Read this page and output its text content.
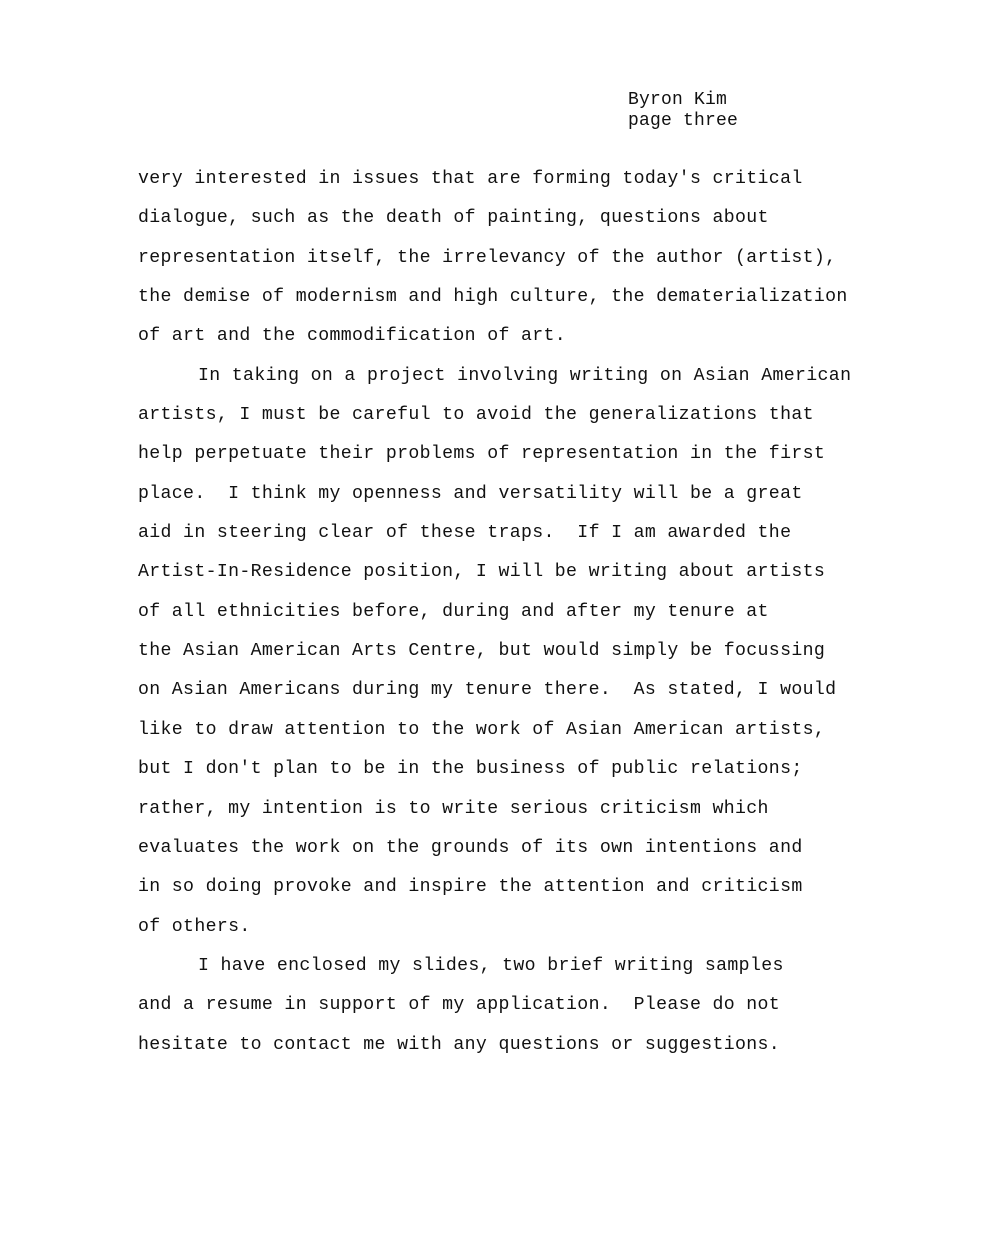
Byron Kim
page three
very interested in issues that are forming today's critical
dialogue, such as the death of painting, questions about
representation itself, the irrelevancy of the author (artist),
the demise of modernism and high culture, the dematerialization
of art and the commodification of art.
In taking on a project involving writing on Asian American
artists, I must be careful to avoid the generalizations that
help perpetuate their problems of representation in the first
place.  I think my openness and versatility will be a great
aid in steering clear of these traps.  If I am awarded the
Artist-In-Residence position, I will be writing about artists
of all ethnicities before, during and after my tenure at
the Asian American Arts Centre, but would simply be focussing
on Asian Americans during my tenure there.  As stated, I would
like to draw attention to the work of Asian American artists,
but I don't plan to be in the business of public relations;
rather, my intention is to write serious criticism which
evaluates the work on the grounds of its own intentions and
in so doing provoke and inspire the attention and criticism
of others.
I have enclosed my slides, two brief writing samples
and a resume in support of my application.  Please do not
hesitate to contact me with any questions or suggestions.
